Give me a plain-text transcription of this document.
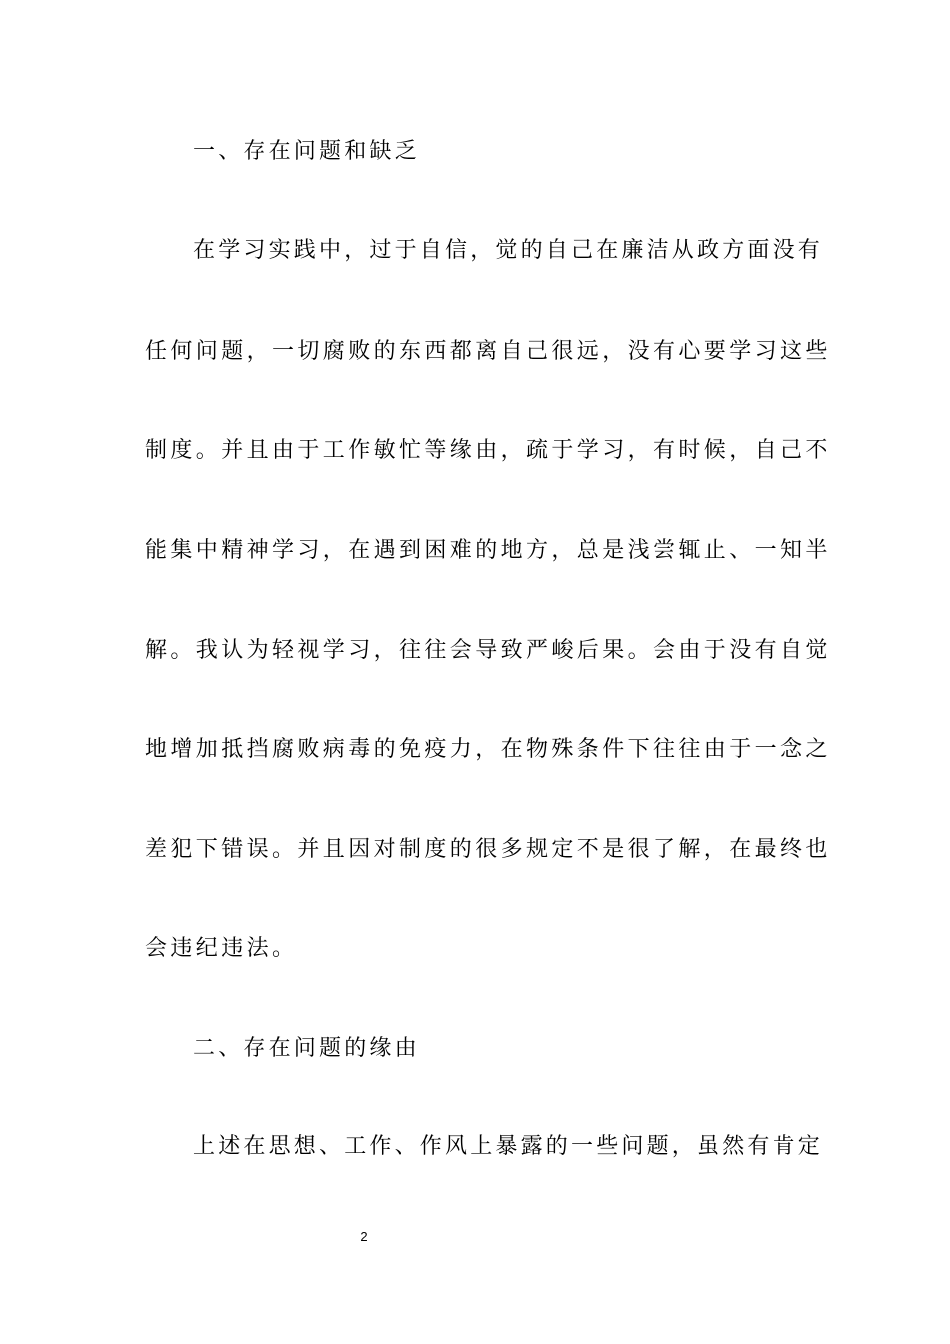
一、存在问题和缺乏
在学习实践中，过于自信，觉的自己在廉洁从政方面没有
任何问题，一切腐败的东西都离自己很远，没有心要学习这些
制度。并且由于工作敏忙等缘由，疏于学习，有时候，自己不
能集中精神学习，在遇到困难的地方，总是浅尝辄止、一知半
解。我认为轻视学习，往往会导致严峻后果。会由于没有自觉
地增加抵挡腐败病毒的免疫力，在物殊条件下往往由于一念之
差犯下错误。并且因对制度的很多规定不是很了解，在最终也
会违纪违法。
二、存在问题的缘由
上述在思想、工作、作风上暴露的一些问题，虽然有肯定
2
